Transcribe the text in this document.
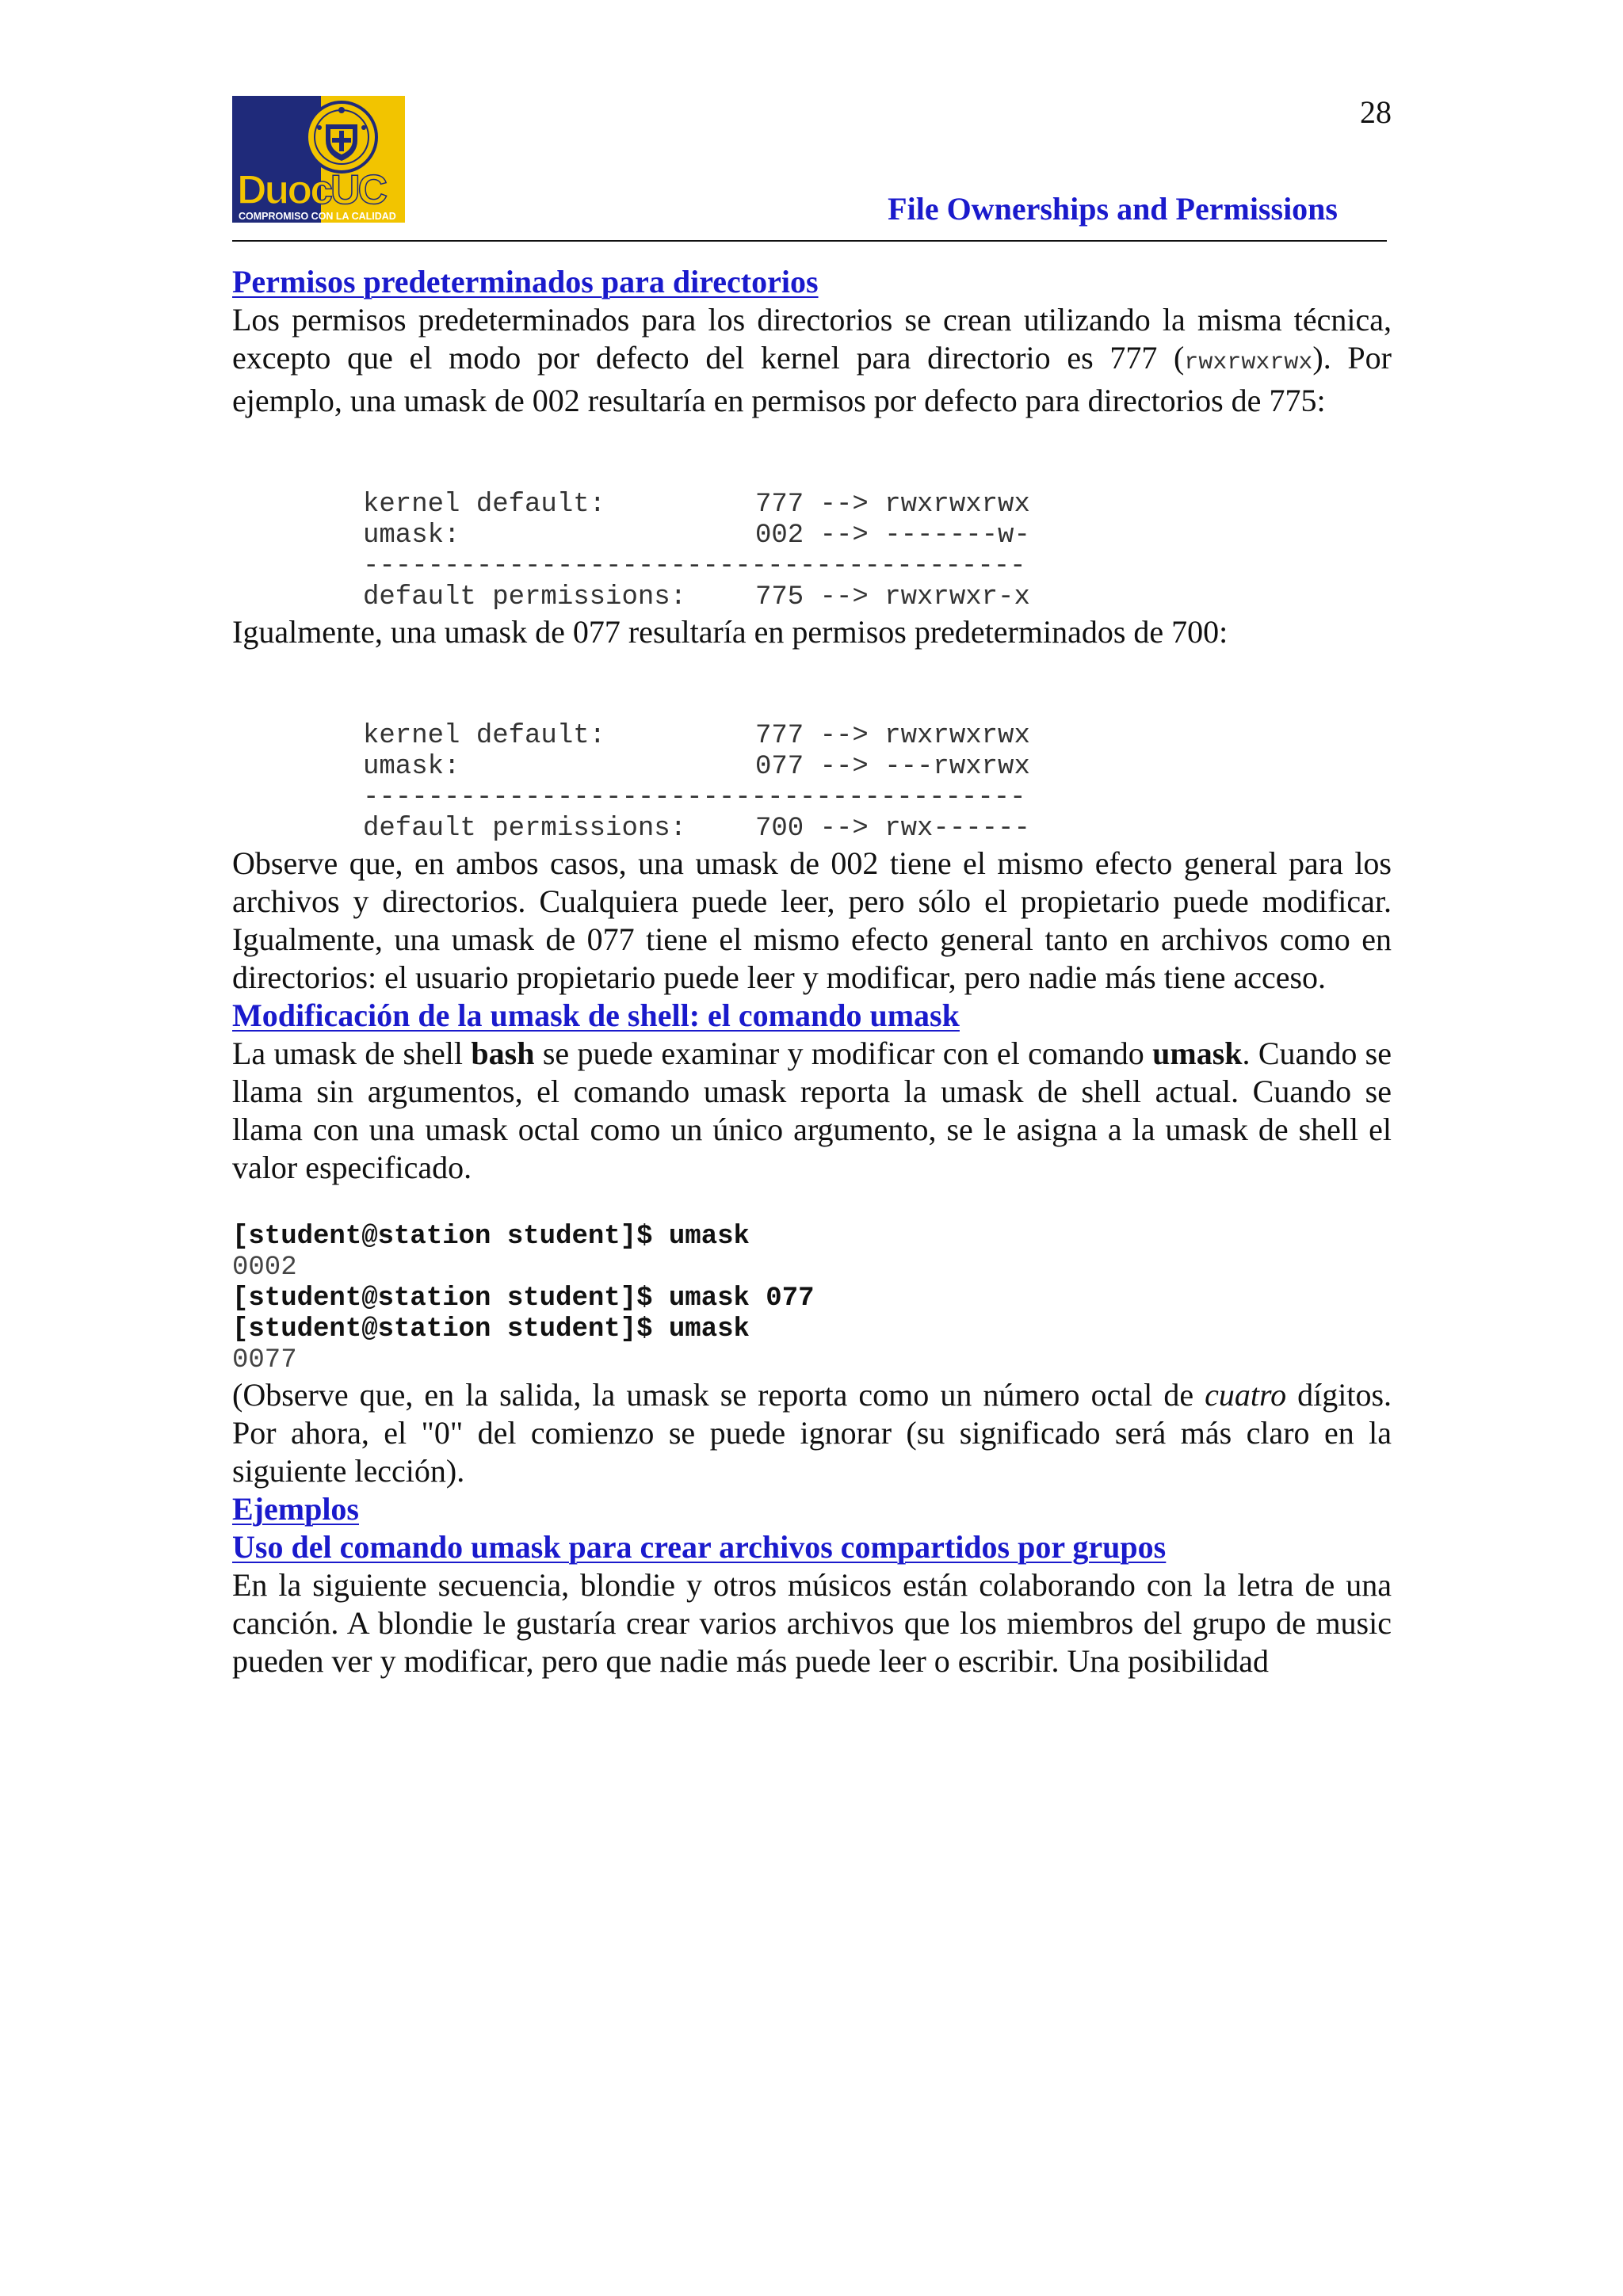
28
DuocUC
COMPROMISO CON LA CALIDAD	File Ownerships and Permissions
Permisos predeterminados para directorios

Los permisos predeterminados para los directorios se crean utilizando la misma técnica, excepto que el modo por defecto del kernel para directorio es 777 (rwxrwxrwx). Por ejemplo, una umask de 002 resultaría en permisos por defecto para directorios de 775:

kernel default:	777 --> rwxrwxrwx
umask:	002 --> -------w-
-----------------------------------------
default permissions:	775 --> rwxrwxr-x

Igualmente, una umask de 077 resultaría en permisos predeterminados de 700:

kernel default:	777 --> rwxrwxrwx
umask:	077 --> ---rwxrwx
-----------------------------------------
default permissions:	700 --> rwx------

Observe que, en ambos casos, una umask de 002 tiene el mismo efecto general para los archivos y directorios. Cualquiera puede leer, pero sólo el propietario puede modificar. Igualmente, una umask de 077 tiene el mismo efecto general tanto en archivos como en directorios: el usuario propietario puede leer y modificar, pero nadie más tiene acceso.

Modificación de la umask de shell: el comando umask

La umask de shell bash se puede examinar y modificar con el comando umask. Cuando se llama sin argumentos, el comando umask reporta la umask de shell actual. Cuando se llama con una umask octal como un único argumento, se le asigna a la umask de shell el valor especificado.

[student@station student]$ umask
0002
[student@station student]$ umask 077
[student@station student]$ umask
0077

(Observe que, en la salida, la umask se reporta como un número octal de cuatro dígitos. Por ahora, el "0" del comienzo se puede ignorar (su significado será más claro en la siguiente lección).

Ejemplos
Uso del comando umask para crear archivos compartidos por grupos

En la siguiente secuencia, blondie y otros músicos están colaborando con la letra de una canción. A blondie le gustaría crear varios archivos que los miembros del grupo de music pueden ver y modificar, pero que nadie más puede leer o escribir. Una posibilidad
